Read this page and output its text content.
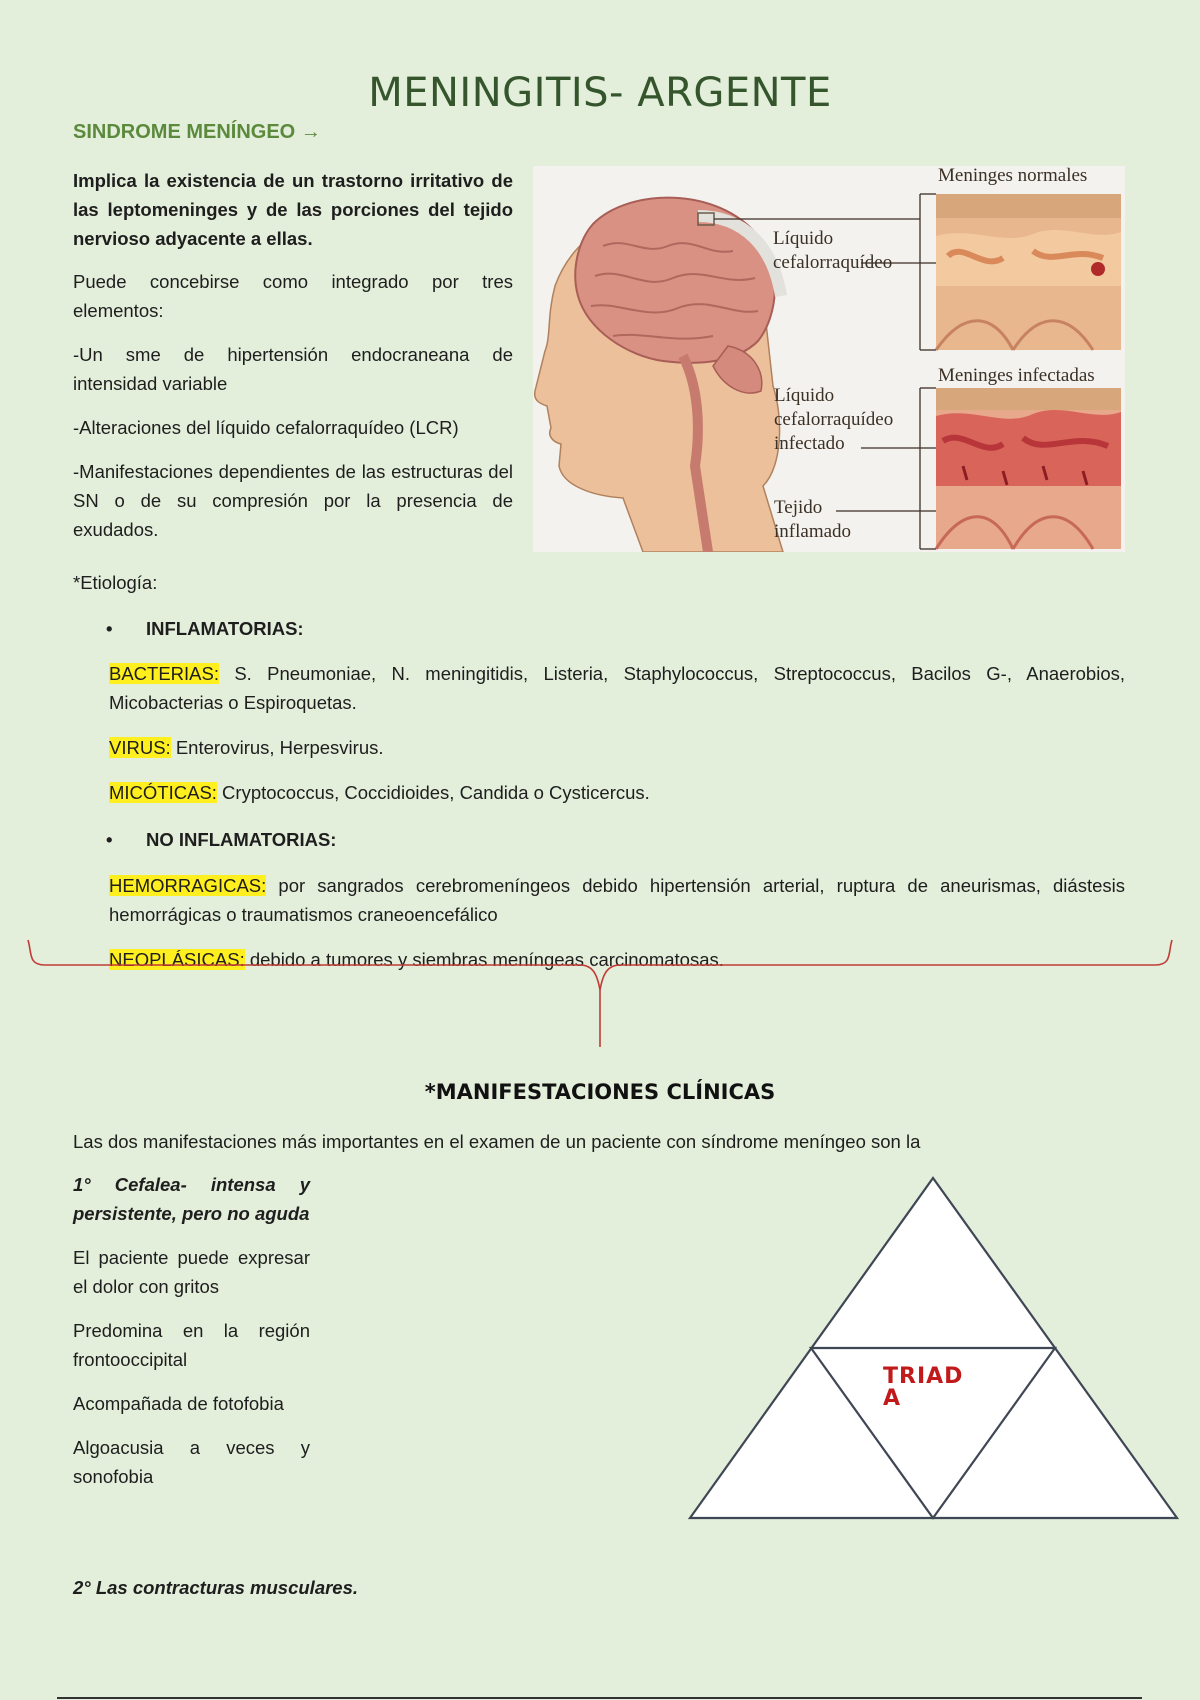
MENINGITIS- ARGENTE
SINDROME MENÍNGEO →

Implica la existencia de un trastorno irritativo de las leptomeninges y de las porciones del tejido nervioso adyacente a ellas.

Puede concebirse como integrado por tres elementos:

-Un sme de hipertensión endocraneana de intensidad variable

-Alteraciones del líquido cefalorraquídeo (LCR)

-Manifestaciones dependientes de las estructuras del SN o de su compresión por la presencia de exudados.

Meninges normales
Líquido cefalorraquídeo
Meninges infectadas
Líquido cefalorraquídeo infectado
Tejido inflamado
*Etiología:
• INFLAMATORIAS:

BACTERIAS: S. Pneumoniae, N. meningitidis, Listeria, Staphylococcus, Streptococcus, Bacilos G-, Anaerobios, Micobacterias o Espiroquetas.

VIRUS: Enterovirus, Herpesvirus.

MICÓTICAS: Cryptococcus, Coccidioides, Candida o Cysticercus.

• NO INFLAMATORIAS:

HEMORRAGICAS: por sangrados cerebromeníngeos debido hipertensión arterial, ruptura de aneurismas, diástesis hemorrágicas o traumatismos craneoencefálico

NEOPLÁSICAS: debido a tumores y siembras meníngeas carcinomatosas.

*MANIFESTACIONES CLÍNICAS
Las dos manifestaciones más importantes en el examen de un paciente con síndrome meníngeo son la

1° Cefalea- intensa y persistente, pero no aguda

El paciente puede expresar el dolor con gritos

Predomina en la región frontooccipital

Acompañada de fotofobia

Algoacusia a veces y sonofobia

2° Las contracturas musculares.
TRIAD
A
